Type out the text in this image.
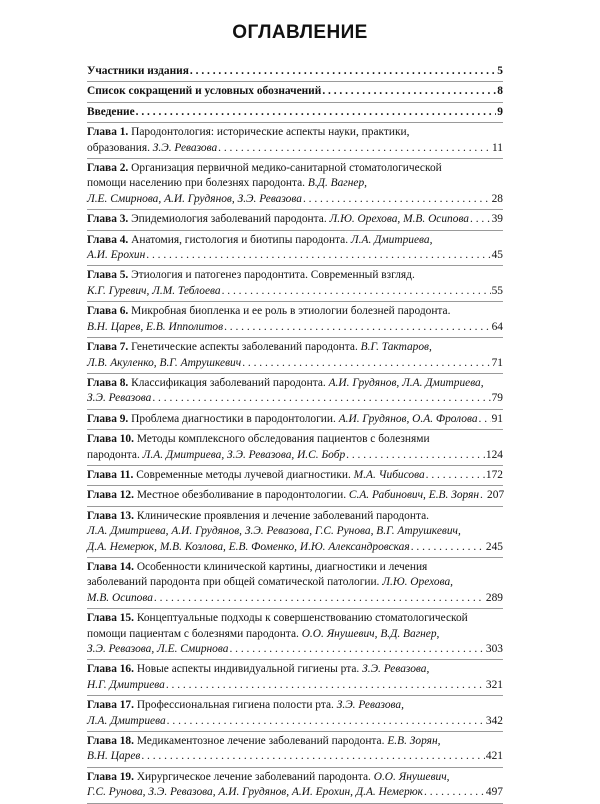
ОГЛАВЛЕНИЕ
Участники издания . . .	5
Список сокращений и условных обозначений . . .	8
Введение . . .	9
Глава 1. Пародонтология: исторические аспекты науки, практики,
образования. З.Э. Ревазова . . .	11
Глава 2. Организация первичной медико-санитарной стоматологической
помощи населению при болезнях пародонта. В.Д. Вагнер,
Л.Е. Смирнова, А.И. Грудянов, З.Э. Ревазова . . .	28
Глава 3. Эпидемиология заболеваний пародонта. Л.Ю. Орехова, М.В. Осипова . . . 39
Глава 4. Анатомия, гистология и биотипы пародонта. Л.А. Дмитриева,
А.И. Ерохин . . .	45
Глава 5. Этиология и патогенез пародонтита. Современный взгляд.
К.Г. Гуревич, Л.М. Теблоева . . .	55
Глава 6. Микробная биопленка и ее роль в этиологии болезней пародонта.
В.Н. Царев, Е.В. Ипполитов . . .	64
Глава 7. Генетические аспекты заболеваний пародонта. В.Г. Тактаров,
Л.В. Акуленко, В.Г. Атрушкевич . . .	71
Глава 8. Классификация заболеваний пародонта. А.И. Грудянов, Л.А. Дмитриева,
З.Э. Ревазова . . .	79
Глава 9. Проблема диагностики в пародонтологии. А.И. Грудянов, О.А. Фролова . . . 91
Глава 10. Методы комплексного обследования пациентов с болезнями
пародонта. Л.А. Дмитриева, З.Э. Ревазова, И.С. Бобр . . .	124
Глава 11. Современные методы лучевой диагностики. М.А. Чибисова . . .	172
Глава 12. Местное обезболивание в пародонтологии. С.А. Рабинович, Е.В. Зорян . . . 207
Глава 13. Клинические проявления и лечение заболеваний пародонта.
Л.А. Дмитриева, А.И. Грудянов, З.Э. Ревазова, Г.С. Рунова, В.Г. Атрушкевич,
Д.А. Немерюк, М.В. Козлова, Е.В. Фоменко, И.Ю. Александровская . . .	245
Глава 14. Особенности клинической картины, диагностики и лечения
заболеваний пародонта при общей соматической патологии. Л.Ю. Орехова,
М.В. Осипова . . .	289
Глава 15. Концептуальные подходы к совершенствованию стоматологической
помощи пациентам с болезнями пародонта. О.О. Янушевич, В.Д. Вагнер,
З.Э. Ревазова, Л.Е. Смирнова . . .	303
Глава 16. Новые аспекты индивидуальной гигиены рта. З.Э. Ревазова,
Н.Г. Дмитриева . . .	321
Глава 17. Профессиональная гигиена полости рта. З.Э. Ревазова,
Л.А. Дмитриева . . .	342
Глава 18. Медикаментозное лечение заболеваний пародонта. Е.В. Зорян,
В.Н. Царев . . .	421
Глава 19. Хирургическое лечение заболеваний пародонта. О.О. Янушевич,
Г.С. Рунова, З.Э. Ревазова, А.И. Грудянов, А.И. Ерохин, Д.А. Немерюк . . .	497
